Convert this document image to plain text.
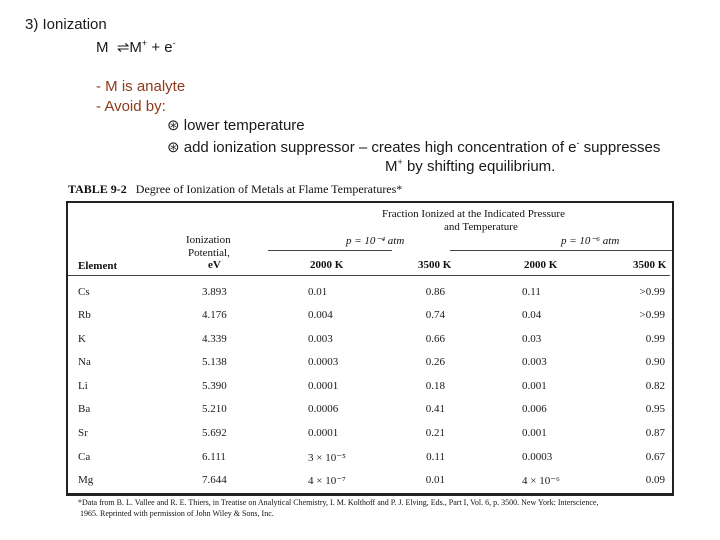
3) Ionization
M ⇌M+ + e-
- M is analyte
- Avoid by:
⊛ lower temperature
⊛ add ionization suppressor – creates high concentration of e- suppresses
M+ by shifting equilibrium.
TABLE 9-2 Degree of Ionization of Metals at Flame Temperatures*
Fraction Ionized at the Indicated Pressure
and Temperature
p = 10⁻⁴ atm	p = 10⁻⁶ atm
Ionization
Potential,
eV
Element	2000 K	3500 K	2000 K	3500 K
Cs	3.893	0.01	0.86	0.11	>0.99
Rb	4.176	0.004	0.74	0.04	>0.99
K	4.339	0.003	0.66	0.03	0.99
Na	5.138	0.0003	0.26	0.003	0.90
Li	5.390	0.0001	0.18	0.001	0.82
Ba	5.210	0.0006	0.41	0.006	0.95
Sr	5.692	0.0001	0.21	0.001	0.87
Ca	6.111	3 × 10⁻⁵	0.11	0.0003	0.67
Mg	7.644	4 × 10⁻⁷	0.01	4 × 10⁻⁶	0.09
*Data from B. L. Vallee and R. E. Thiers, in Treatise on Analytical Chemistry, I. M. Kolthoff and P. J. Elving, Eds., Part I, Vol. 6, p. 3500. New York: Interscience,
1965. Reprinted with permission of John Wiley & Sons, Inc.
